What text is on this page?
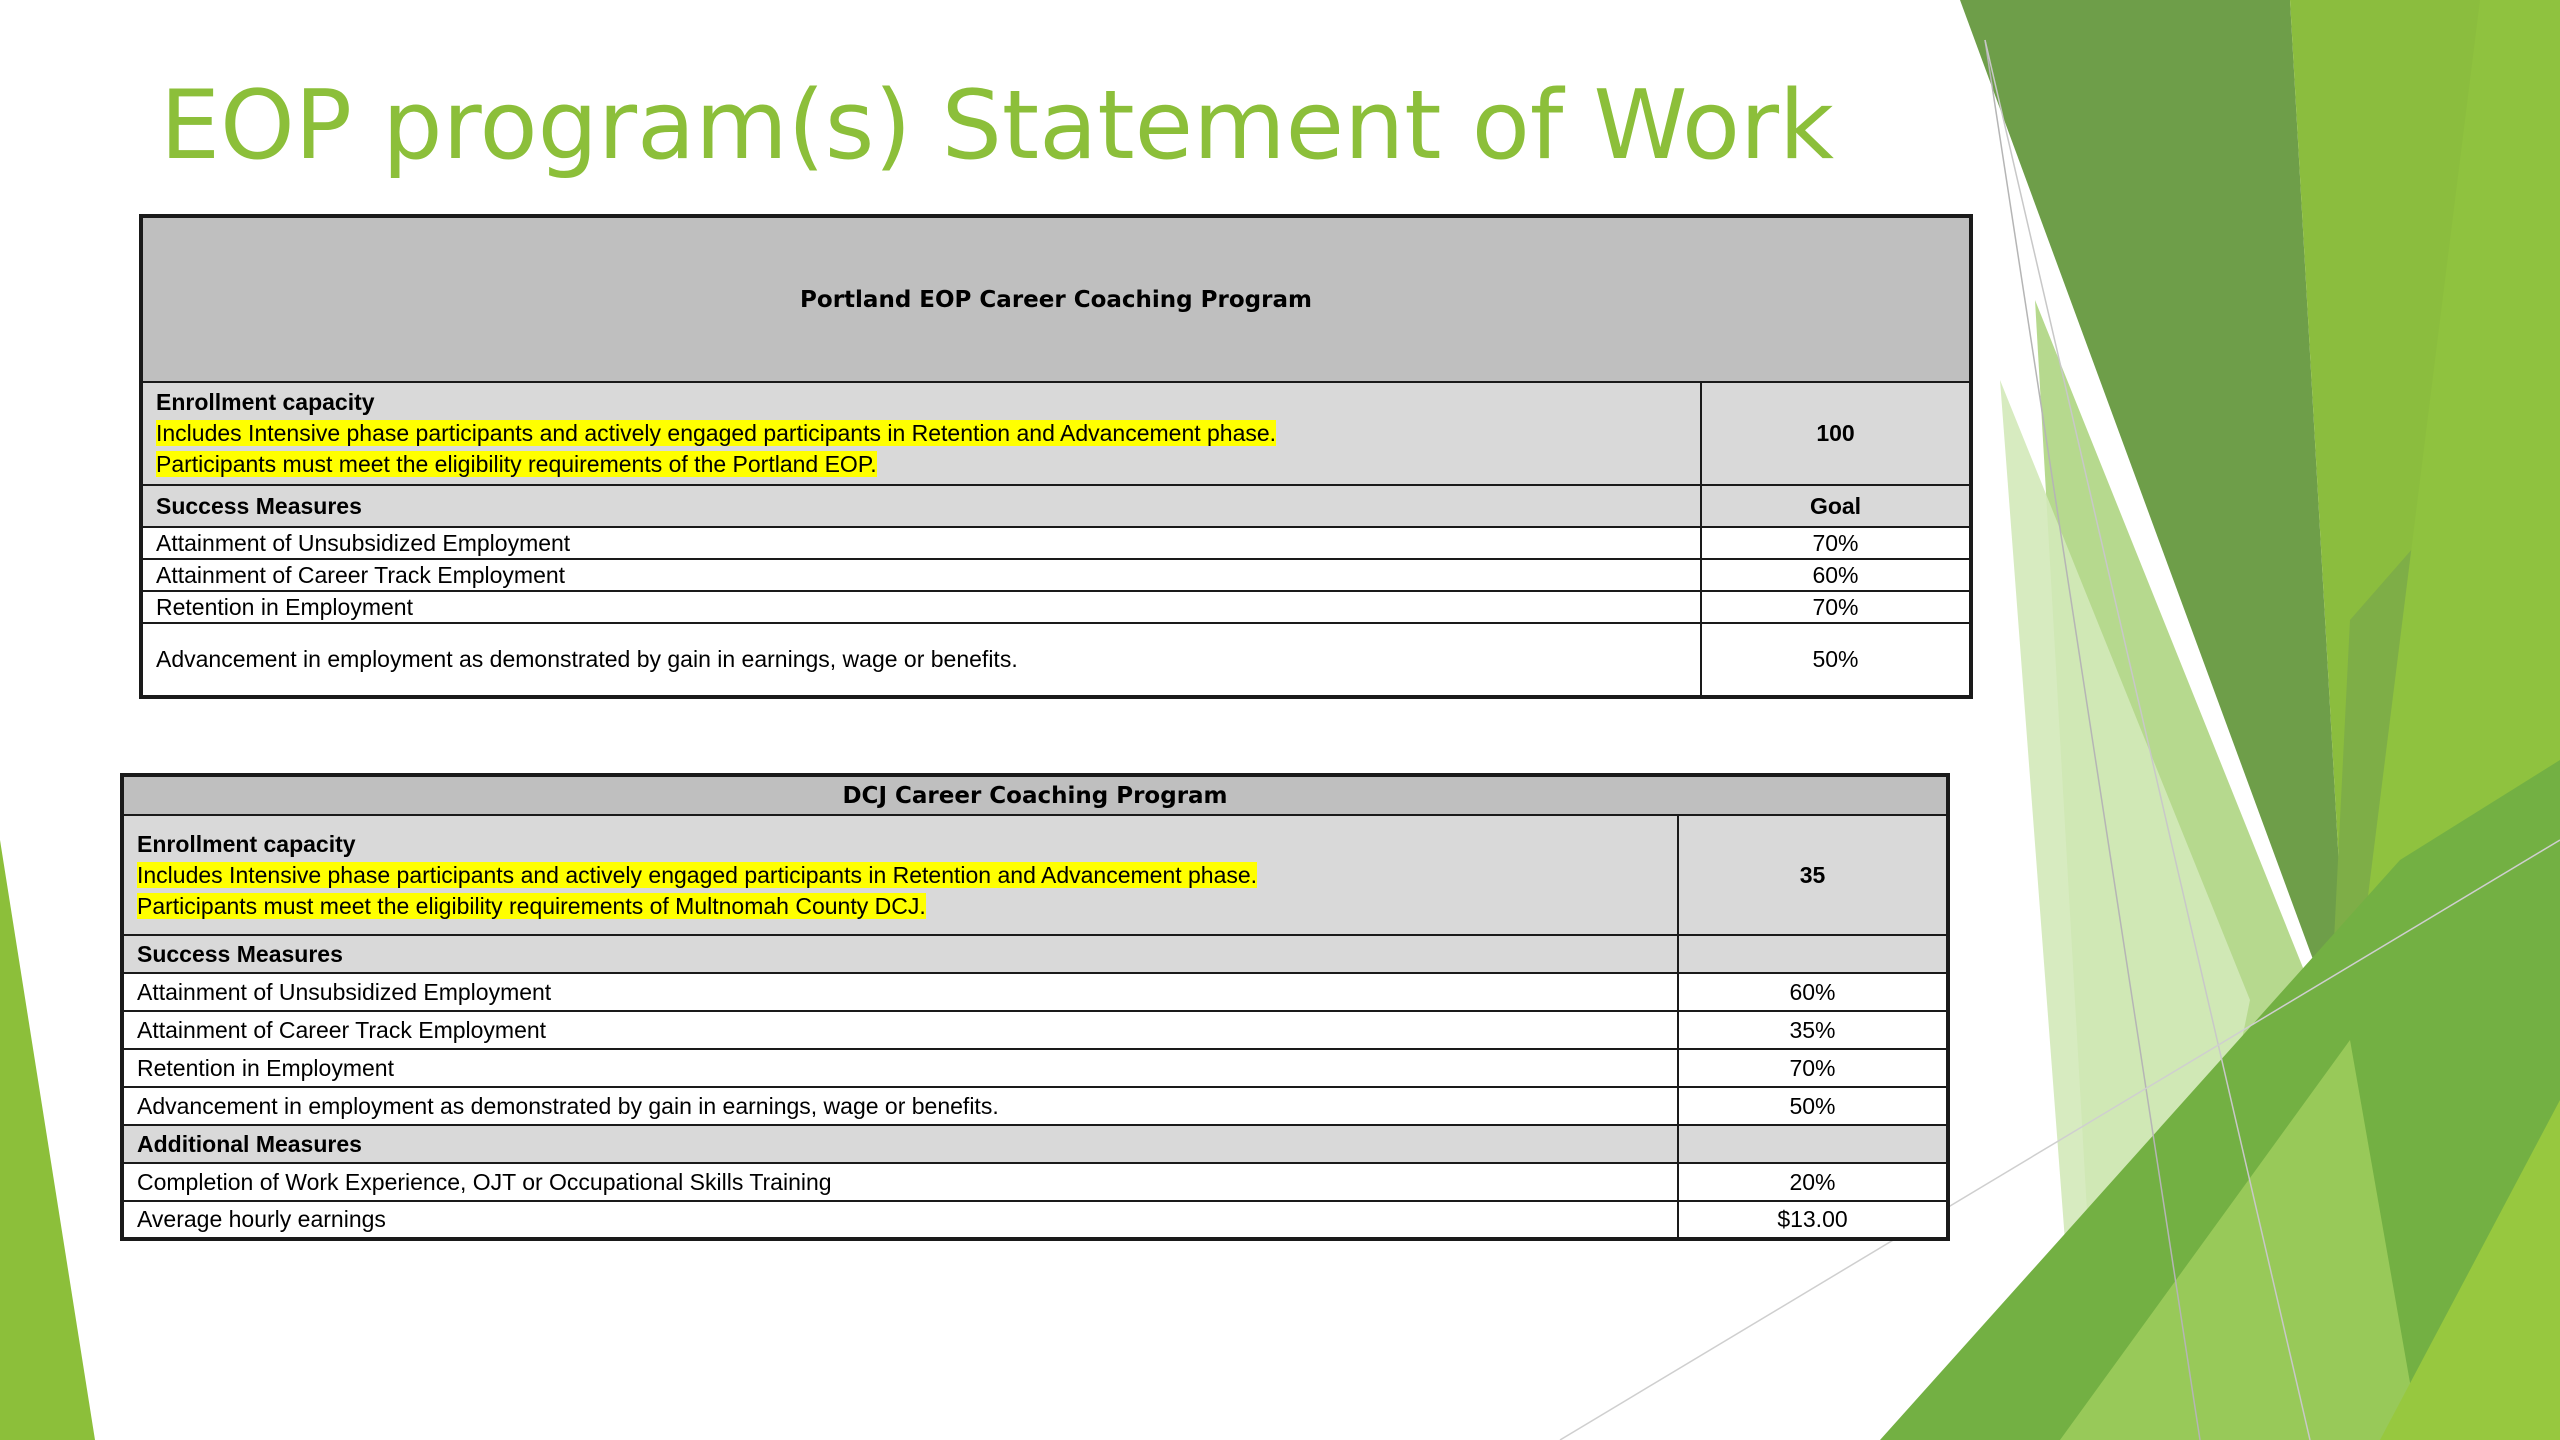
EOP program(s) Statement of Work
Portland EOP Career Coaching Program	

Enrollment capacity
Includes Intensive phase participants and actively engaged participants in Retention and Advancement phase.
Participants must meet the eligibility requirements of the Portland EOP.	100
Success Measures	Goal
Attainment of Unsubsidized Employment	70%
Attainment of Career Track Employment	60%
Retention in Employment	70%
Advancement in employment as demonstrated by gain in earnings, wage or benefits.	50%
DCJ Career Coaching Program	

Enrollment capacity
Includes Intensive phase participants and actively engaged participants in Retention and Advancement phase.
Participants must meet the eligibility requirements of Multnomah County DCJ.	35
Success Measures	
Attainment of Unsubsidized Employment	60%
Attainment of Career Track Employment	35%
Retention in Employment	70%
Advancement in employment as demonstrated by gain in earnings, wage or benefits.	50%
Additional Measures	
Completion of Work Experience, OJT or Occupational Skills Training	20%
Average hourly earnings	$13.00
